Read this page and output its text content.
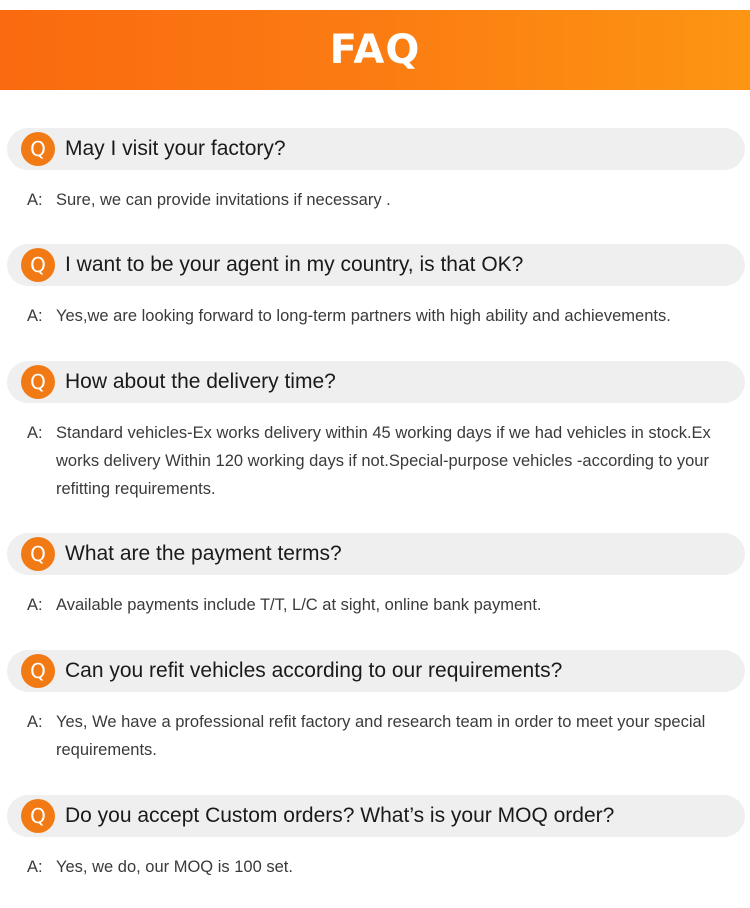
FAQ
Q May I visit your factory?
A: Sure, we can provide invitations if necessary .
Q I want to be your agent in my country, is that OK?
A: Yes,we are looking forward to long-term partners with high ability and achievements.
Q How about the delivery time?
A: Standard vehicles-Ex works delivery within 45 working days if we had vehicles in stock.Ex works delivery Within 120 working days if not.Special-purpose vehicles -according to your refitting requirements.
Q What are the payment terms?
A: Available payments include T/T, L/C at sight, online bank payment.
Q Can you refit vehicles according to our requirements?
A: Yes, We have a professional refit factory and research team in order to meet your special requirements.
Q Do you accept Custom orders? What’s is your MOQ order?
A: Yes, we do, our MOQ is 100 set.
